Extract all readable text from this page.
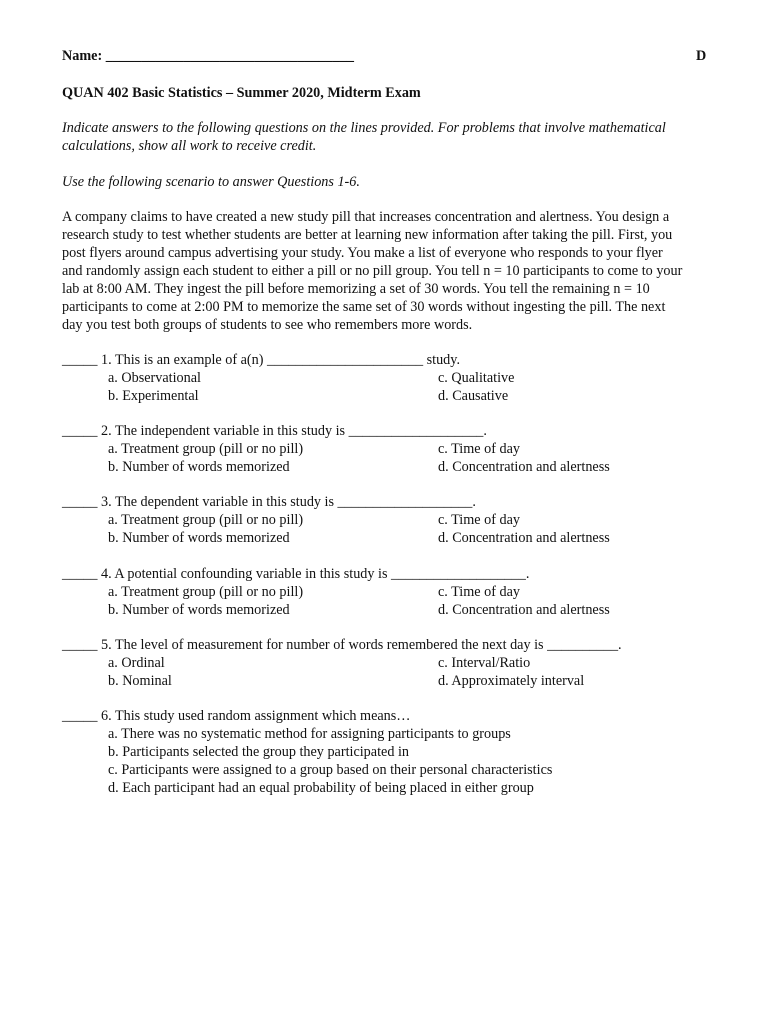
Name: ___________________________________	D
QUAN 402 Basic Statistics – Summer 2020, Midterm Exam
Indicate answers to the following questions on the lines provided. For problems that involve mathematical
calculations, show all work to receive credit.
Use the following scenario to answer Questions 1-6.
A company claims to have created a new study pill that increases concentration and alertness. You design a
research study to test whether students are better at learning new information after taking the pill. First, you
post flyers around campus advertising your study. You make a list of everyone who responds to your flyer
and randomly assign each student to either a pill or no pill group. You tell n = 10 participants to come to your
lab at 8:00 AM. They ingest the pill before memorizing a set of 30 words. You tell the remaining n = 10
participants to come at 2:00 PM to memorize the same set of 30 words without ingesting the pill. The next
day you test both groups of students to see who remembers more words.
_____ 1. This is an example of a(n) ______________________ study.
a. Observational
b. Experimental
c. Qualitative
d. Causative
_____ 2. The independent variable in this study is ___________________.
a. Treatment group (pill or no pill)
b. Number of words memorized
c. Time of day
d. Concentration and alertness
_____ 3. The dependent variable in this study is ___________________.
a. Treatment group (pill or no pill)
b. Number of words memorized
c. Time of day
d. Concentration and alertness
_____ 4. A potential confounding variable in this study is ___________________.
a. Treatment group (pill or no pill)
b. Number of words memorized
c. Time of day
d. Concentration and alertness
_____ 5. The level of measurement for number of words remembered the next day is __________.
a. Ordinal
b. Nominal
c. Interval/Ratio
d. Approximately interval
_____ 6. This study used random assignment which means…
a. There was no systematic method for assigning participants to groups
b. Participants selected the group they participated in
c. Participants were assigned to a group based on their personal characteristics
d. Each participant had an equal probability of being placed in either group
